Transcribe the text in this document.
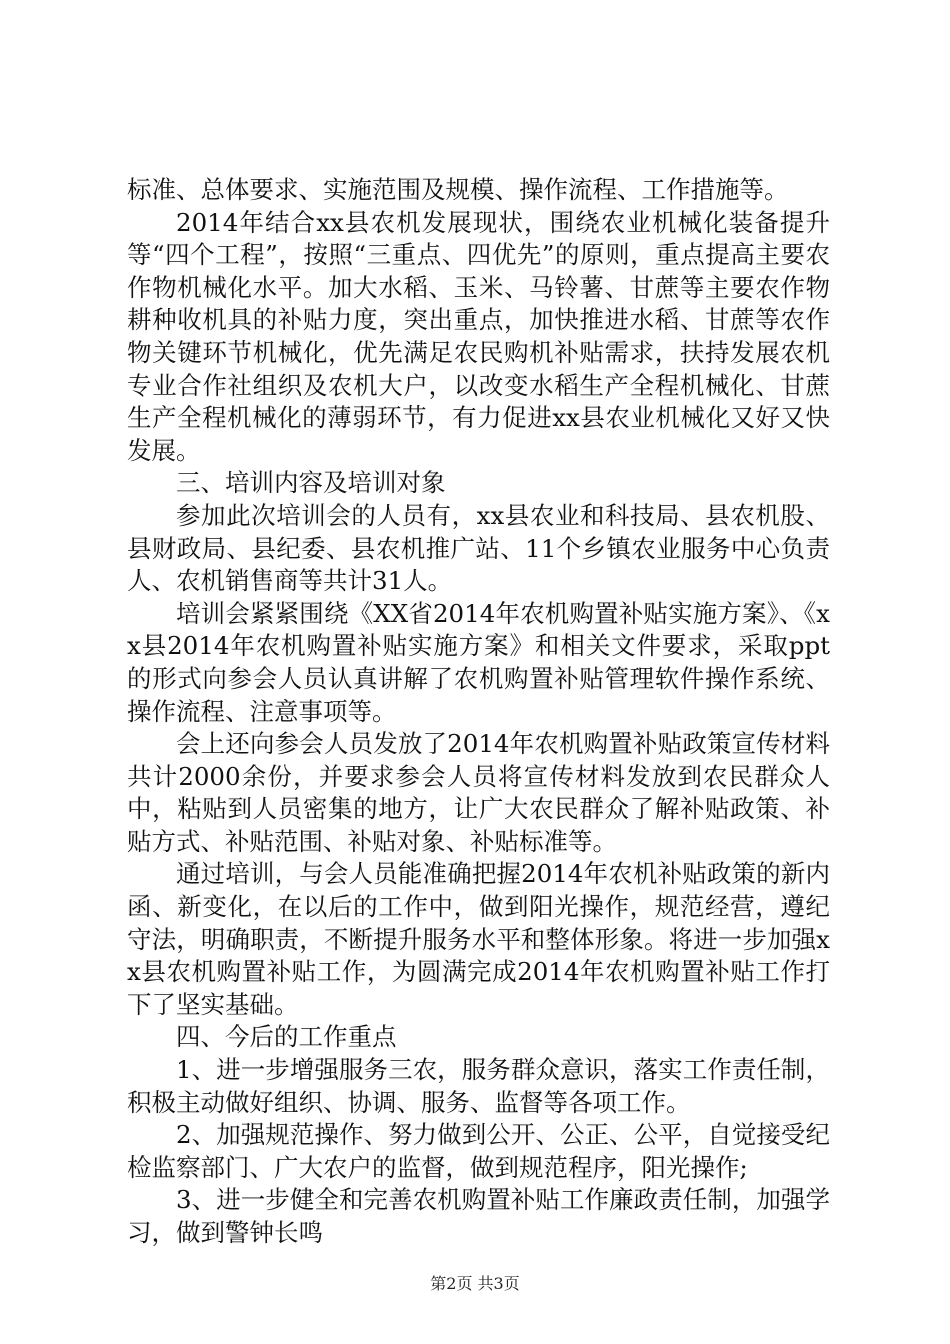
标准、总体要求、实施范围及规模、操作流程、工作措施等。

2014年结合xx县农机发展现状，围绕农业机械化装备提升等“四个工程”，按照“三重点、四优先”的原则，重点提高主要农作物机械化水平。加大水稻、玉米、马铃薯、甘蔗等主要农作物耕种收机具的补贴力度，突出重点，加快推进水稻、甘蔗等农作物关键环节机械化，优先满足农民购机补贴需求，扶持发展农机专业合作社组织及农机大户，以改变水稻生产全程机械化、甘蔗生产全程机械化的薄弱环节，有力促进xx县农业机械化又好又快发展。

三、培训内容及培训对象

参加此次培训会的人员有，xx县农业和科技局、县农机股、县财政局、县纪委、县农机推广站、11个乡镇农业服务中心负责人、农机销售商等共计31人。

培训会紧紧围绕《XX省2014年农机购置补贴实施方案》、《xx县2014年农机购置补贴实施方案》和相关文件要求，采取ppt的形式向参会人员认真讲解了农机购置补贴管理软件操作系统、操作流程、注意事项等。

会上还向参会人员发放了2014年农机购置补贴政策宣传材料共计2000余份，并要求参会人员将宣传材料发放到农民群众人中，粘贴到人员密集的地方，让广大农民群众了解补贴政策、补贴方式、补贴范围、补贴对象、补贴标准等。

通过培训，与会人员能准确把握2014年农机补贴政策的新内函、新变化，在以后的工作中，做到阳光操作，规范经营，遵纪守法，明确职责，不断提升服务水平和整体形象。将进一步加强xx县农机购置补贴工作，为圆满完成2014年农机购置补贴工作打下了坚实基础。

四、今后的工作重点

1、进一步增强服务三农，服务群众意识，落实工作责任制，积极主动做好组织、协调、服务、监督等各项工作。

2、加强规范操作、努力做到公开、公正、公平，自觉接受纪检监察部门、广大农户的监督，做到规范程序，阳光操作;

3、进一步健全和完善农机购置补贴工作廉政责任制，加强学习，做到警钟长鸣

第2页 共3页
